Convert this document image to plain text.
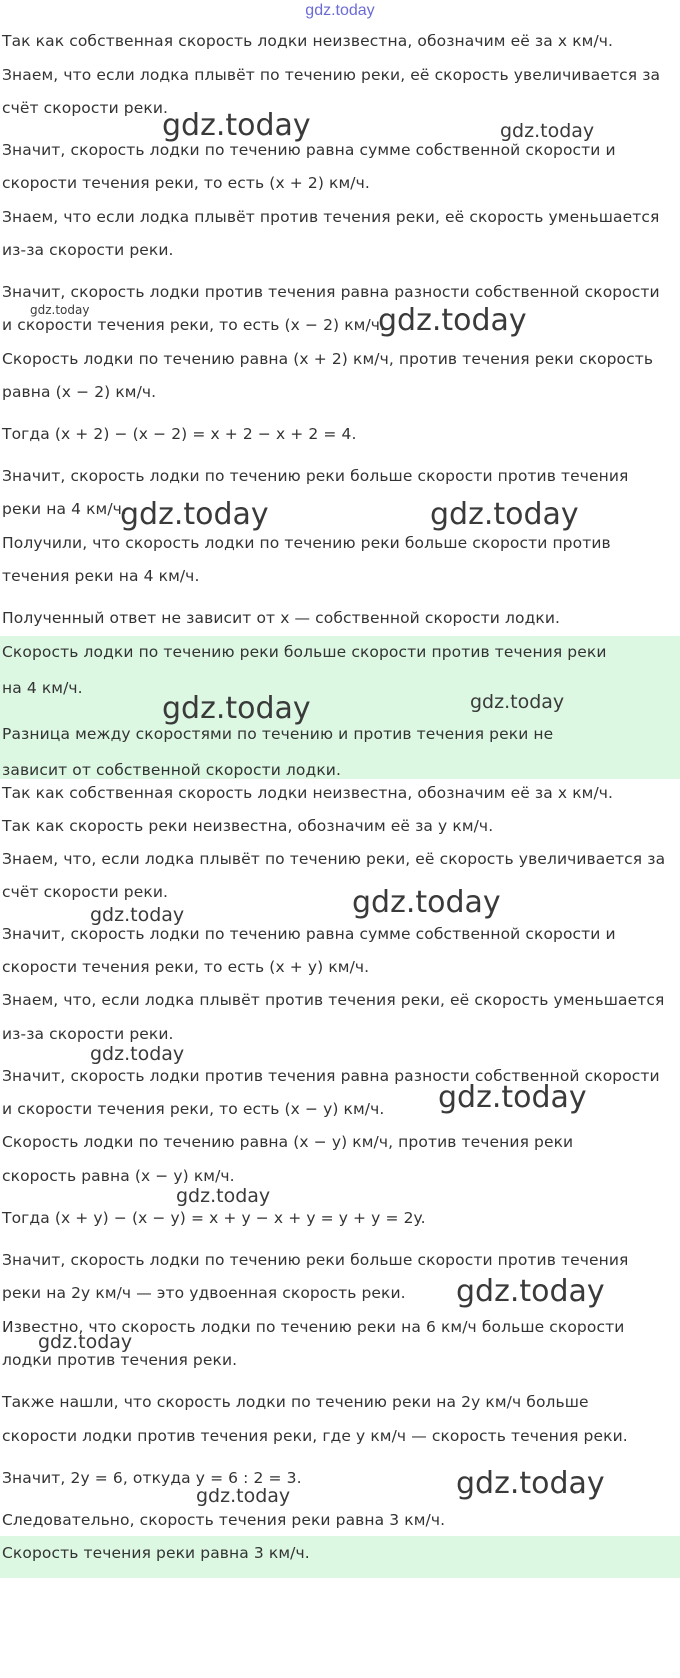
gdz.today
Так как собственная скорость лодки неизвестна, обозначим её за x км/ч.
Знаем, что если лодка плывёт по течению реки, её скорость увеличивается за
счёт скорости реки.
Значит, скорость лодки по течению равна сумме собственной скорости и
скорости течения реки, то есть (x + 2) км/ч.
Знаем, что если лодка плывёт против течения реки, её скорость уменьшается
из-за скорости реки.
Значит, скорость лодки против течения равна разности собственной скорости
и скорости течения реки, то есть (x − 2) км/ч.
Скорость лодки по течению равна (x + 2) км/ч, против течения реки скорость
равна (x − 2) км/ч.
Тогда (x + 2) − (x − 2) = x + 2 − x + 2 = 4.
Значит, скорость лодки по течению реки больше скорости против течения
реки на 4 км/ч.
Получили, что скорость лодки по течению реки больше скорости против
течения реки на 4 км/ч.
Полученный ответ не зависит от x — собственной скорости лодки.
Скорость лодки по течению реки больше скорости против течения реки
на 4 км/ч.
Разница между скоростями по течению и против течения реки не
зависит от собственной скорости лодки.
Так как собственная скорость лодки неизвестна, обозначим её за x км/ч.
Так как скорость реки неизвестна, обозначим её за y км/ч.
Знаем, что, если лодка плывёт по течению реки, её скорость увеличивается за
счёт скорости реки.
Значит, скорость лодки по течению равна сумме собственной скорости и
скорости течения реки, то есть (x + y) км/ч.
Знаем, что, если лодка плывёт против течения реки, её скорость уменьшается
из-за скорости реки.
Значит, скорость лодки против течения равна разности собственной скорости
и скорости течения реки, то есть (x − y) км/ч.
Скорость лодки по течению равна (x − y) км/ч, против течения реки
скорость равна (x − y) км/ч.
Тогда (x + y) − (x − y) = x + y − x + y = y + y = 2y.
Значит, скорость лодки по течению реки больше скорости против течения
реки на 2y км/ч — это удвоенная скорость реки.
Известно, что скорость лодки по течению реки на 6 км/ч больше скорости
лодки против течения реки.
Также нашли, что скорость лодки по течению реки на 2y км/ч больше
скорости лодки против течения реки, где y км/ч — скорость течения реки.
Значит, 2y = 6, откуда y = 6 : 2 = 3.
Следовательно, скорость течения реки равна 3 км/ч.
Скорость течения реки равна 3 км/ч.
gdz.today	gdz.today
gdz.today	gdz.today
gdz.today	gdz.today
gdz.today	gdz.today
gdz.today	gdz.today
gdz.today
gdz.today
gdz.today
gdz.today
gdz.today
gdz.today
gdz.today
